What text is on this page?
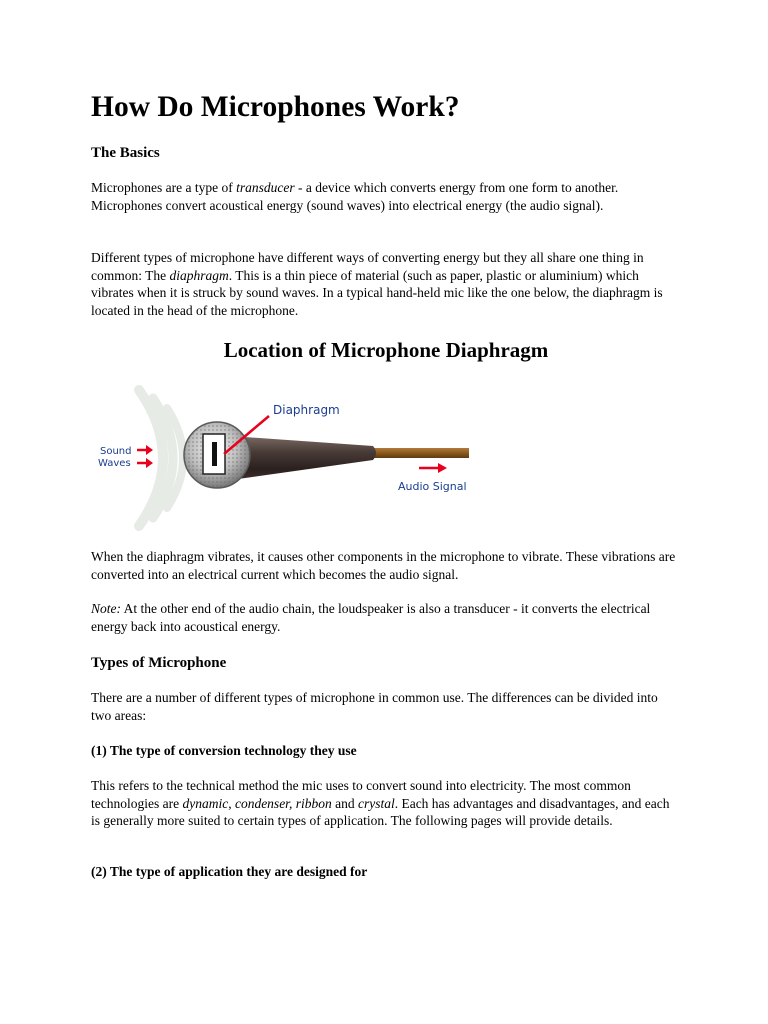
How Do Microphones Work?
The Basics

Microphones are a type of transducer - a device which converts energy from one form to another. Microphones convert acoustical energy (sound waves) into electrical energy (the audio signal).

Different types of microphone have different ways of converting energy but they all share one thing in common: The diaphragm. This is a thin piece of material (such as paper, plastic or aluminium) which vibrates when it is struck by sound waves. In a typical hand-held mic like the one below, the diaphragm is located in the head of the microphone.

Location of Microphone Diaphragm
Sound
Waves
Diaphragm
Audio Signal

When the diaphragm vibrates, it causes other components in the microphone to vibrate. These vibrations are converted into an electrical current which becomes the audio signal.

Note: At the other end of the audio chain, the loudspeaker is also a transducer - it converts the electrical energy back into acoustical energy.

Types of Microphone

There are a number of different types of microphone in common use. The differences can be divided into two areas:

(1) The type of conversion technology they use

This refers to the technical method the mic uses to convert sound into electricity. The most common technologies are dynamic, condenser, ribbon and crystal. Each has advantages and disadvantages, and each is generally more suited to certain types of application. The following pages will provide details.

(2) The type of application they are designed for
